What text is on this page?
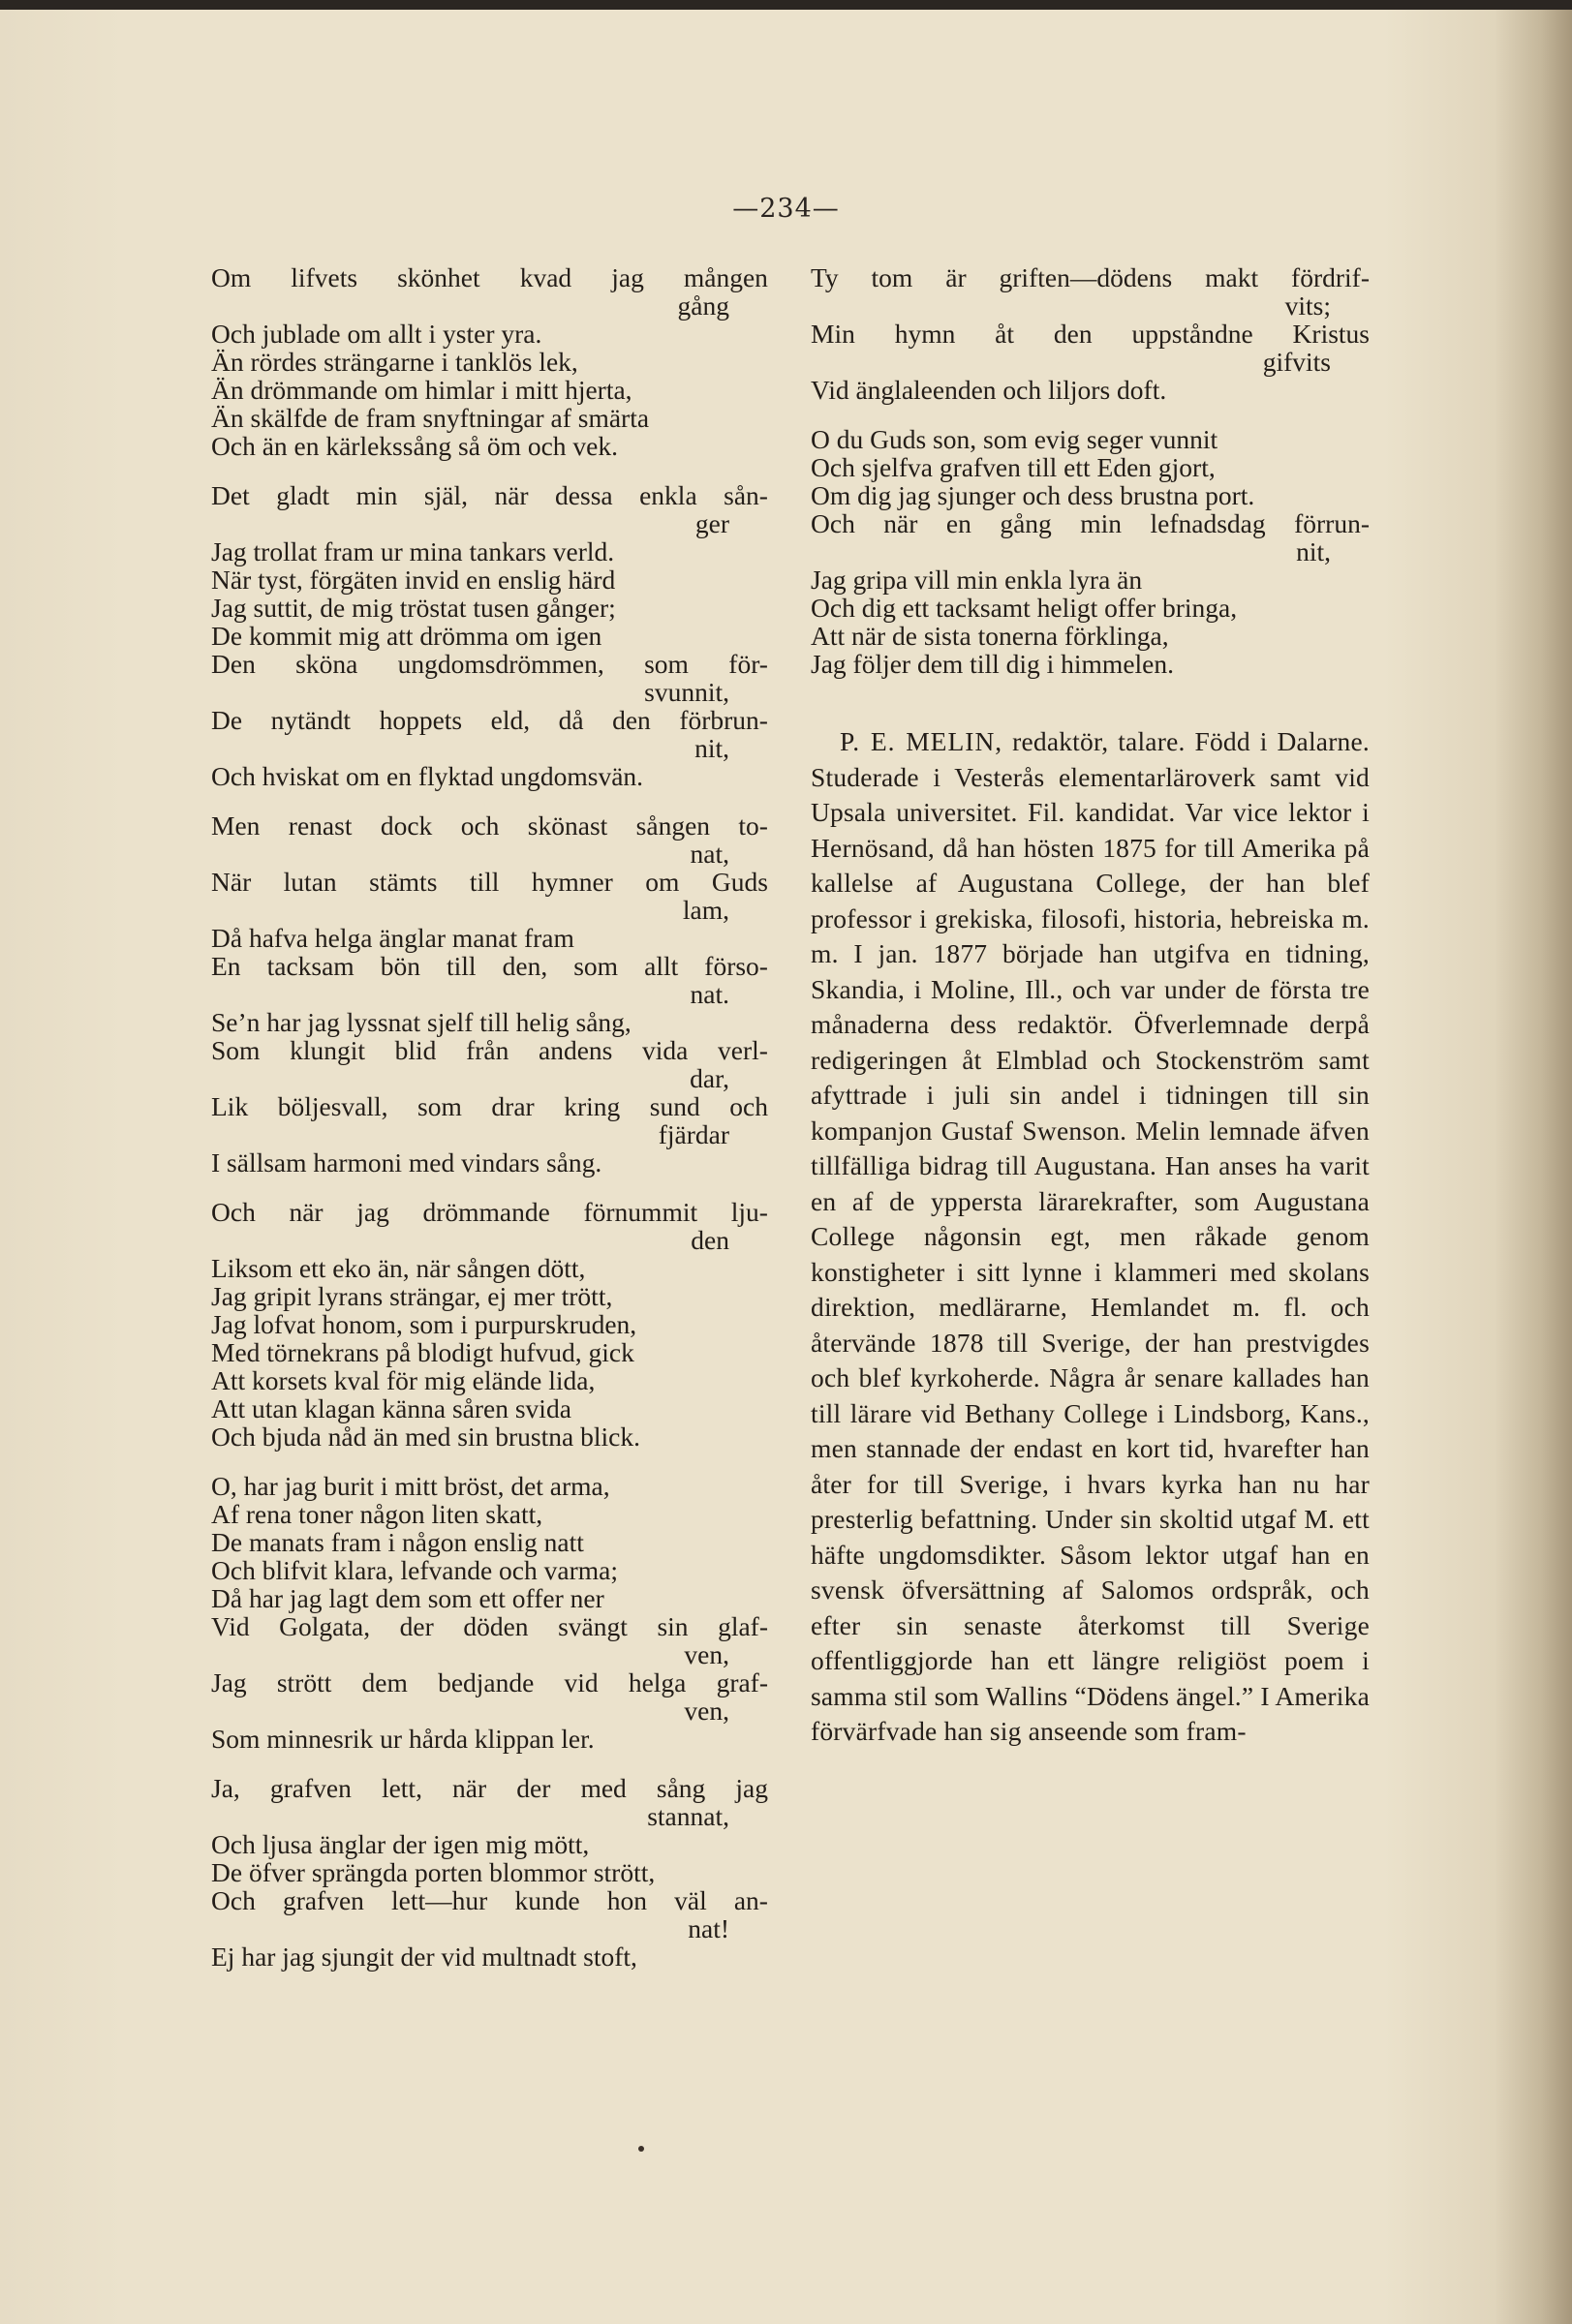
—234—
Om lifvets skönhet kvad jag mången
gång
Och jublade om allt i yster yra.
Än rördes strängarne i tanklös lek,
Än drömmande om himlar i mitt hjerta,
Än skälfde de fram snyftningar af smärta
Och än en kärlekssång så öm och vek.
Det gladt min själ, när dessa enkla sån-
ger
Jag trollat fram ur mina tankars verld.
När tyst, förgäten invid en enslig härd
Jag suttit, de mig tröstat tusen gånger;
De kommit mig att drömma om igen
Den sköna ungdomsdrömmen, som för-
svunnit,
De nytändt hoppets eld, då den förbrun-
nit,
Och hviskat om en flyktad ungdomsvän.
Men renast dock och skönast sången to-
nat,
När lutan stämts till hymner om Guds
lam,
Då hafva helga änglar manat fram
En tacksam bön till den, som allt förso-
nat.
Se’n har jag lyssnat sjelf till helig sång,
Som klungit blid från andens vida verl-
dar,
Lik böljesvall, som drar kring sund och
fjärdar
I sällsam harmoni med vindars sång.
Och när jag drömmande förnummit lju-
den
Liksom ett eko än, när sången dött,
Jag gripit lyrans strängar, ej mer trött,
Jag lofvat honom, som i purpurskruden,
Med törnekrans på blodigt hufvud, gick
Att korsets kval för mig elände lida,
Att utan klagan känna såren svida
Och bjuda nåd än med sin brustna blick.
O, har jag burit i mitt bröst, det arma,
Af rena toner någon liten skatt,
De manats fram i någon enslig natt
Och blifvit klara, lefvande och varma;
Då har jag lagt dem som ett offer ner
Vid Golgata, der döden svängt sin glaf-
ven,
Jag strött dem bedjande vid helga graf-
ven,
Som minnesrik ur hårda klippan ler.
Ja, grafven lett, när der med sång jag
stannat,
Och ljusa änglar der igen mig mött,
De öfver sprängda porten blommor strött,
Och grafven lett—hur kunde hon väl an-
nat!
Ej har jag sjungit der vid multnadt stoft,
Ty tom är griften—dödens makt fördrif-
vits;
Min hymn åt den uppståndne Kristus
gifvits
Vid änglaleenden och liljors doft.
O du Guds son, som evig seger vunnit
Och sjelfva grafven till ett Eden gjort,
Om dig jag sjunger och dess brustna port.
Och när en gång min lefnadsdag förrun-
nit,
Jag gripa vill min enkla lyra än
Och dig ett tacksamt heligt offer bringa,
Att när de sista tonerna förklinga,
Jag följer dem till dig i himmelen.

P. E. MELIN, redaktör, talare. Född i Dalarne. Studerade i Vesterås elementarläroverk samt vid Upsala universitet. Fil. kandidat. Var vice lektor i Hernösand, då han hösten 1875 for till Amerika på kallelse af Augustana College, der han blef professor i grekiska, filosofi, historia, hebreiska m. m. I jan. 1877 började han utgifva en tidning, Skandia, i Moline, Ill., och var under de första tre månaderna dess redaktör. Öfverlemnade derpå redigeringen åt Elmblad och Stockenström samt afyttrade i juli sin andel i tidningen till sin kompanjon Gustaf Swenson. Melin lemnade äfven tillfälliga bidrag till Augustana. Han anses ha varit en af de yppersta lärarekrafter, som Augustana College någonsin egt, men råkade genom konstigheter i sitt lynne i klammeri med skolans direktion, medlärarne, Hemlandet m. fl. och återvände 1878 till Sverige, der han prestvigdes och blef kyrkoherde. Några år senare kallades han till lärare vid Bethany College i Lindsborg, Kans., men stannade der endast en kort tid, hvarefter han åter for till Sverige, i hvars kyrka han nu har presterlig befattning. Under sin skoltid utgaf M. ett häfte ungdomsdikter. Såsom lektor utgaf han en svensk öfversättning af Salomos ordspråk, och efter sin senaste återkomst till Sverige offentliggjorde han ett längre religiöst poem i samma stil som Wallins “Dödens ängel.” I Amerika förvärfvade han sig anseende som fram-
